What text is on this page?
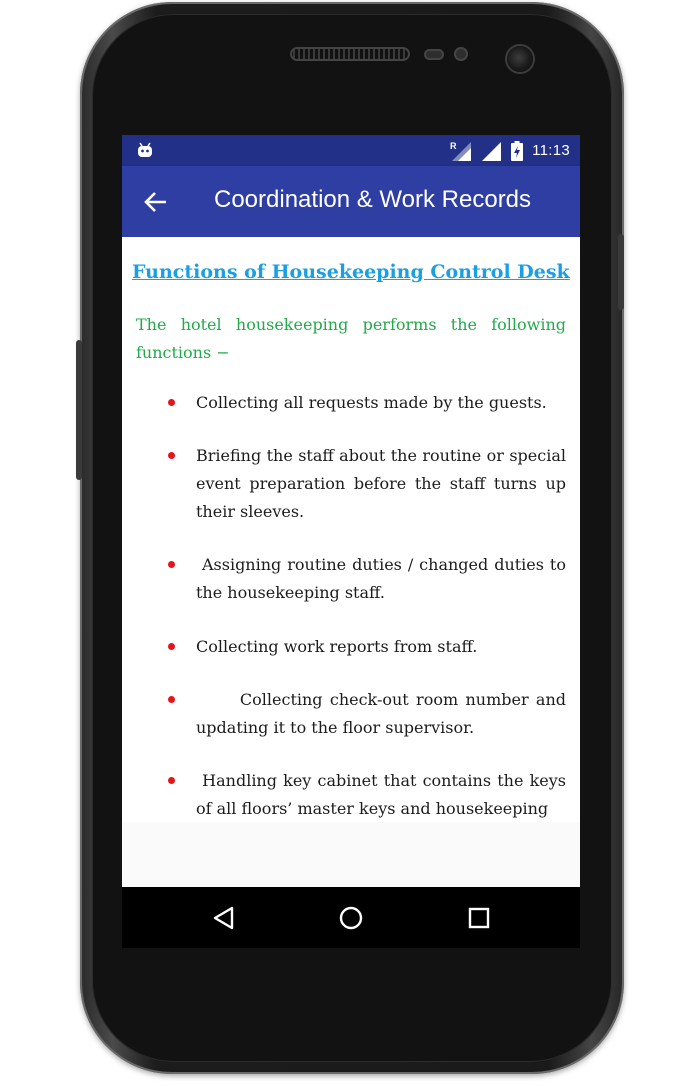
R	11:13
Coordination & Work Records
Functions of Housekeeping Control Desk
The hotel housekeeping performs the following functions −
Collecting all requests made by the guests.
Briefing the staff about the routine or special event preparation before the staff turns up their sleeves.
Assigning routine duties / changed duties to the housekeeping staff.
Collecting work reports from staff.
Collecting check-out room number and updating it to the floor supervisor.
Handling key cabinet that contains the keys of all floors’ master keys and housekeeping
